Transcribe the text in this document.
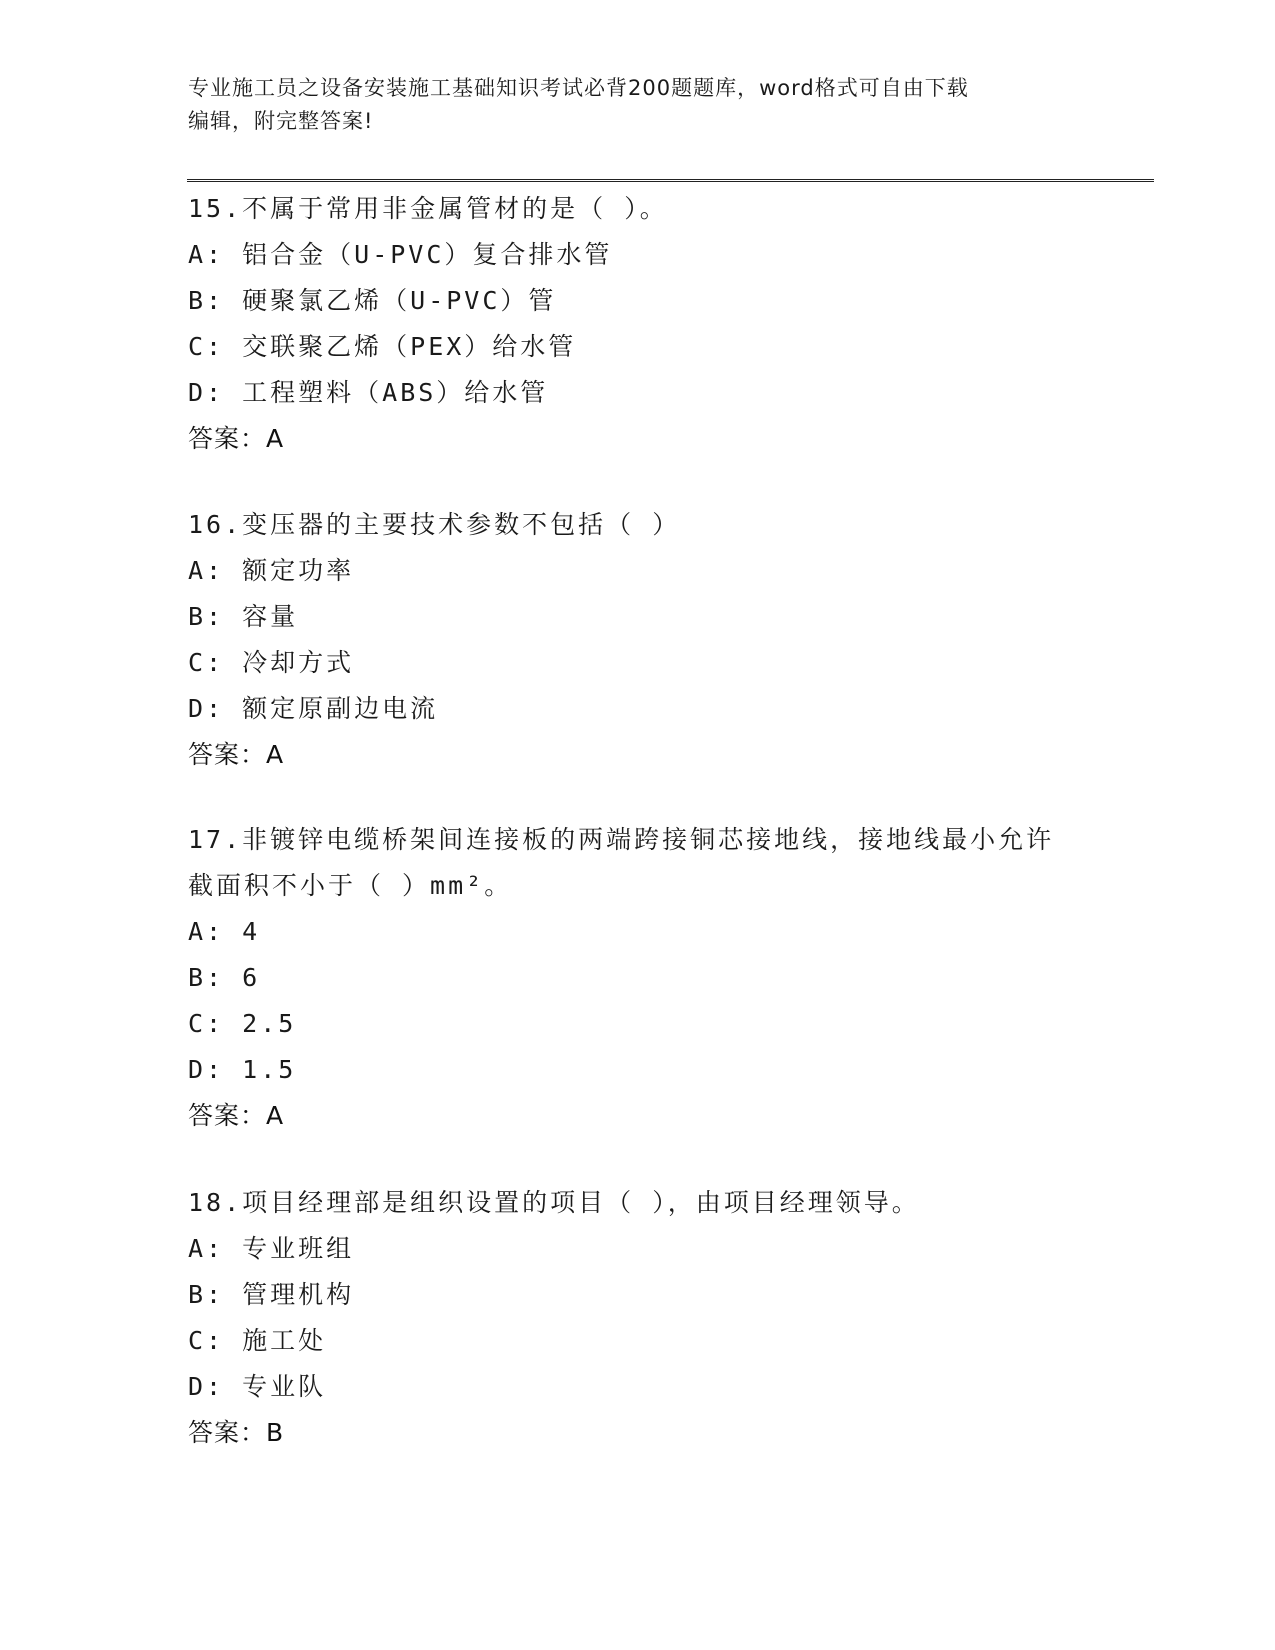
专业施工员之设备安装施工基础知识考试必背200题题库，word格式可自由下载
编辑，附完整答案!
15.不属于常用非金属管材的是（ ）。
A: 铝合金（U-PVC）复合排水管
B: 硬聚氯乙烯（U-PVC）管
C: 交联聚乙烯（PEX）给水管
D: 工程塑料（ABS）给水管
答案：A
16.变压器的主要技术参数不包括（ ）
A: 额定功率
B: 容量
C: 冷却方式
D: 额定原副边电流
答案：A
17.非镀锌电缆桥架间连接板的两端跨接铜芯接地线，接地线最小允许
截面积不小于（ ）mm²。
A: 4
B: 6
C: 2.5
D: 1.5
答案：A
18.项目经理部是组织设置的项目（ ），由项目经理领导。
A: 专业班组
B: 管理机构
C: 施工处
D: 专业队
答案：B
